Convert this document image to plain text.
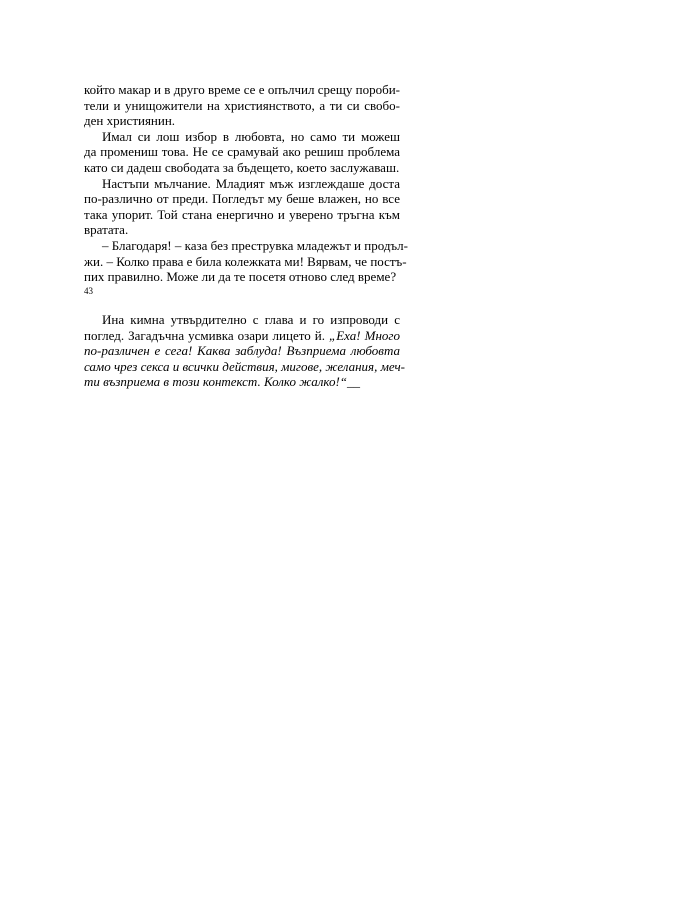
който макар и в друго време се е опълчил срещу пороби-
тели и унищожители на християнството, а ти си свобо-
ден християнин.
Имал си лош избор в любовта, но само ти можеш
да промениш това. Не се срамувай ако решиш проблема
като си дадеш свободата за бъдещето, което заслужаваш.
Настъпи мълчание. Младият мъж изглеждаше доста
по-различно от преди. Погледът му беше влажен, но все
така упорит. Той стана енергично и уверено тръгна към
вратата.
– Благодаря! – каза без преструвка младежът и продъл-
жи. – Колко права е била колежката ми! Вярвам, че постъ-
пих правилно. Може ли да те посетя отново след време?
43
Ина кимна утвърдително с глава и го изпроводи с
поглед. Загадъчна усмивка озари лицето й. „Еха! Много
по-различен е сега! Каква заблуда! Възприема любовта
само чрез секса и всички действия, мигове, желания, меч-
ти възприема в този контекст. Колко жалко!“__
